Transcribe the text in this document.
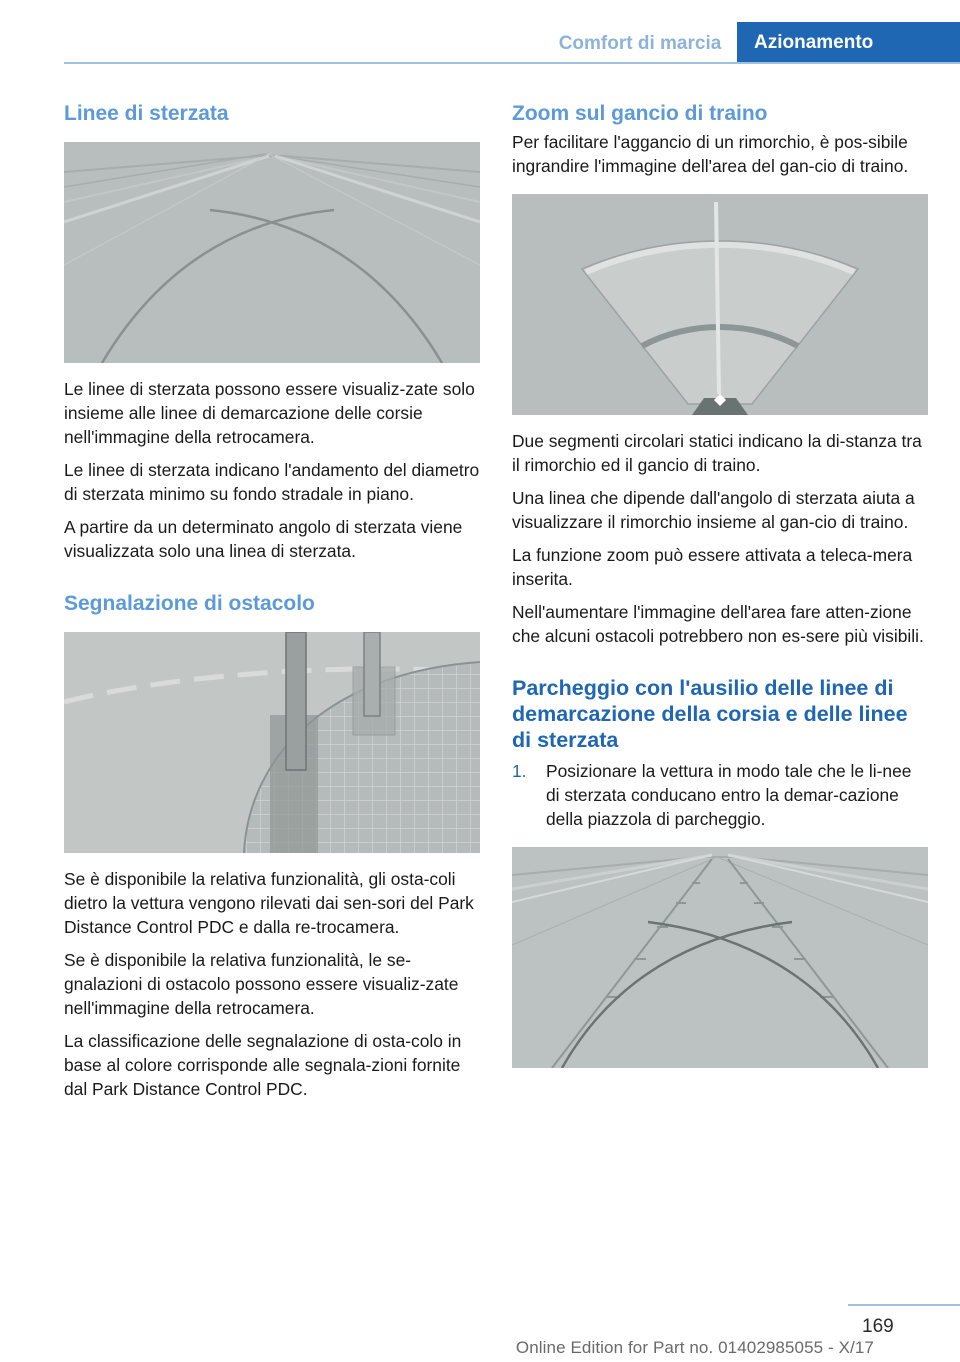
Comfort di marcia	Azionamento
Linee di sterzata

Le linee di sterzata possono essere visualiz-zate solo insieme alle linee di demarcazione delle corsie nell'immagine della retrocamera.

Le linee di sterzata indicano l'andamento del diametro di sterzata minimo su fondo stradale in piano.

A partire da un determinato angolo di sterzata viene visualizzata solo una linea di sterzata.

Segnalazione di ostacolo

Se è disponibile la relativa funzionalità, gli osta-coli dietro la vettura vengono rilevati dai sen-sori del Park Distance Control PDC e dalla re-trocamera.

Se è disponibile la relativa funzionalità, le se-gnalazioni di ostacolo possono essere visualiz-zate nell'immagine della retrocamera.

La classificazione delle segnalazione di osta-colo in base al colore corrisponde alle segnala-zioni fornite dal Park Distance Control PDC.

Zoom sul gancio di traino

Per facilitare l'aggancio di un rimorchio, è pos-sibile ingrandire l'immagine dell'area del gan-cio di traino.

Due segmenti circolari statici indicano la di-stanza tra il rimorchio ed il gancio di traino.

Una linea che dipende dall'angolo di sterzata aiuta a visualizzare il rimorchio insieme al gan-cio di traino.

La funzione zoom può essere attivata a teleca-mera inserita.

Nell'aumentare l'immagine dell'area fare atten-zione che alcuni ostacoli potrebbero non es-sere più visibili.

Parcheggio con l'ausilio delle linee di demarcazione della corsia e delle linee di sterzata
1.	Posizionare la vettura in modo tale che le li-nee di sterzata conducano entro la demar-cazione della piazzola di parcheggio.
169
Online Edition for Part no. 01402985055 - X/17
